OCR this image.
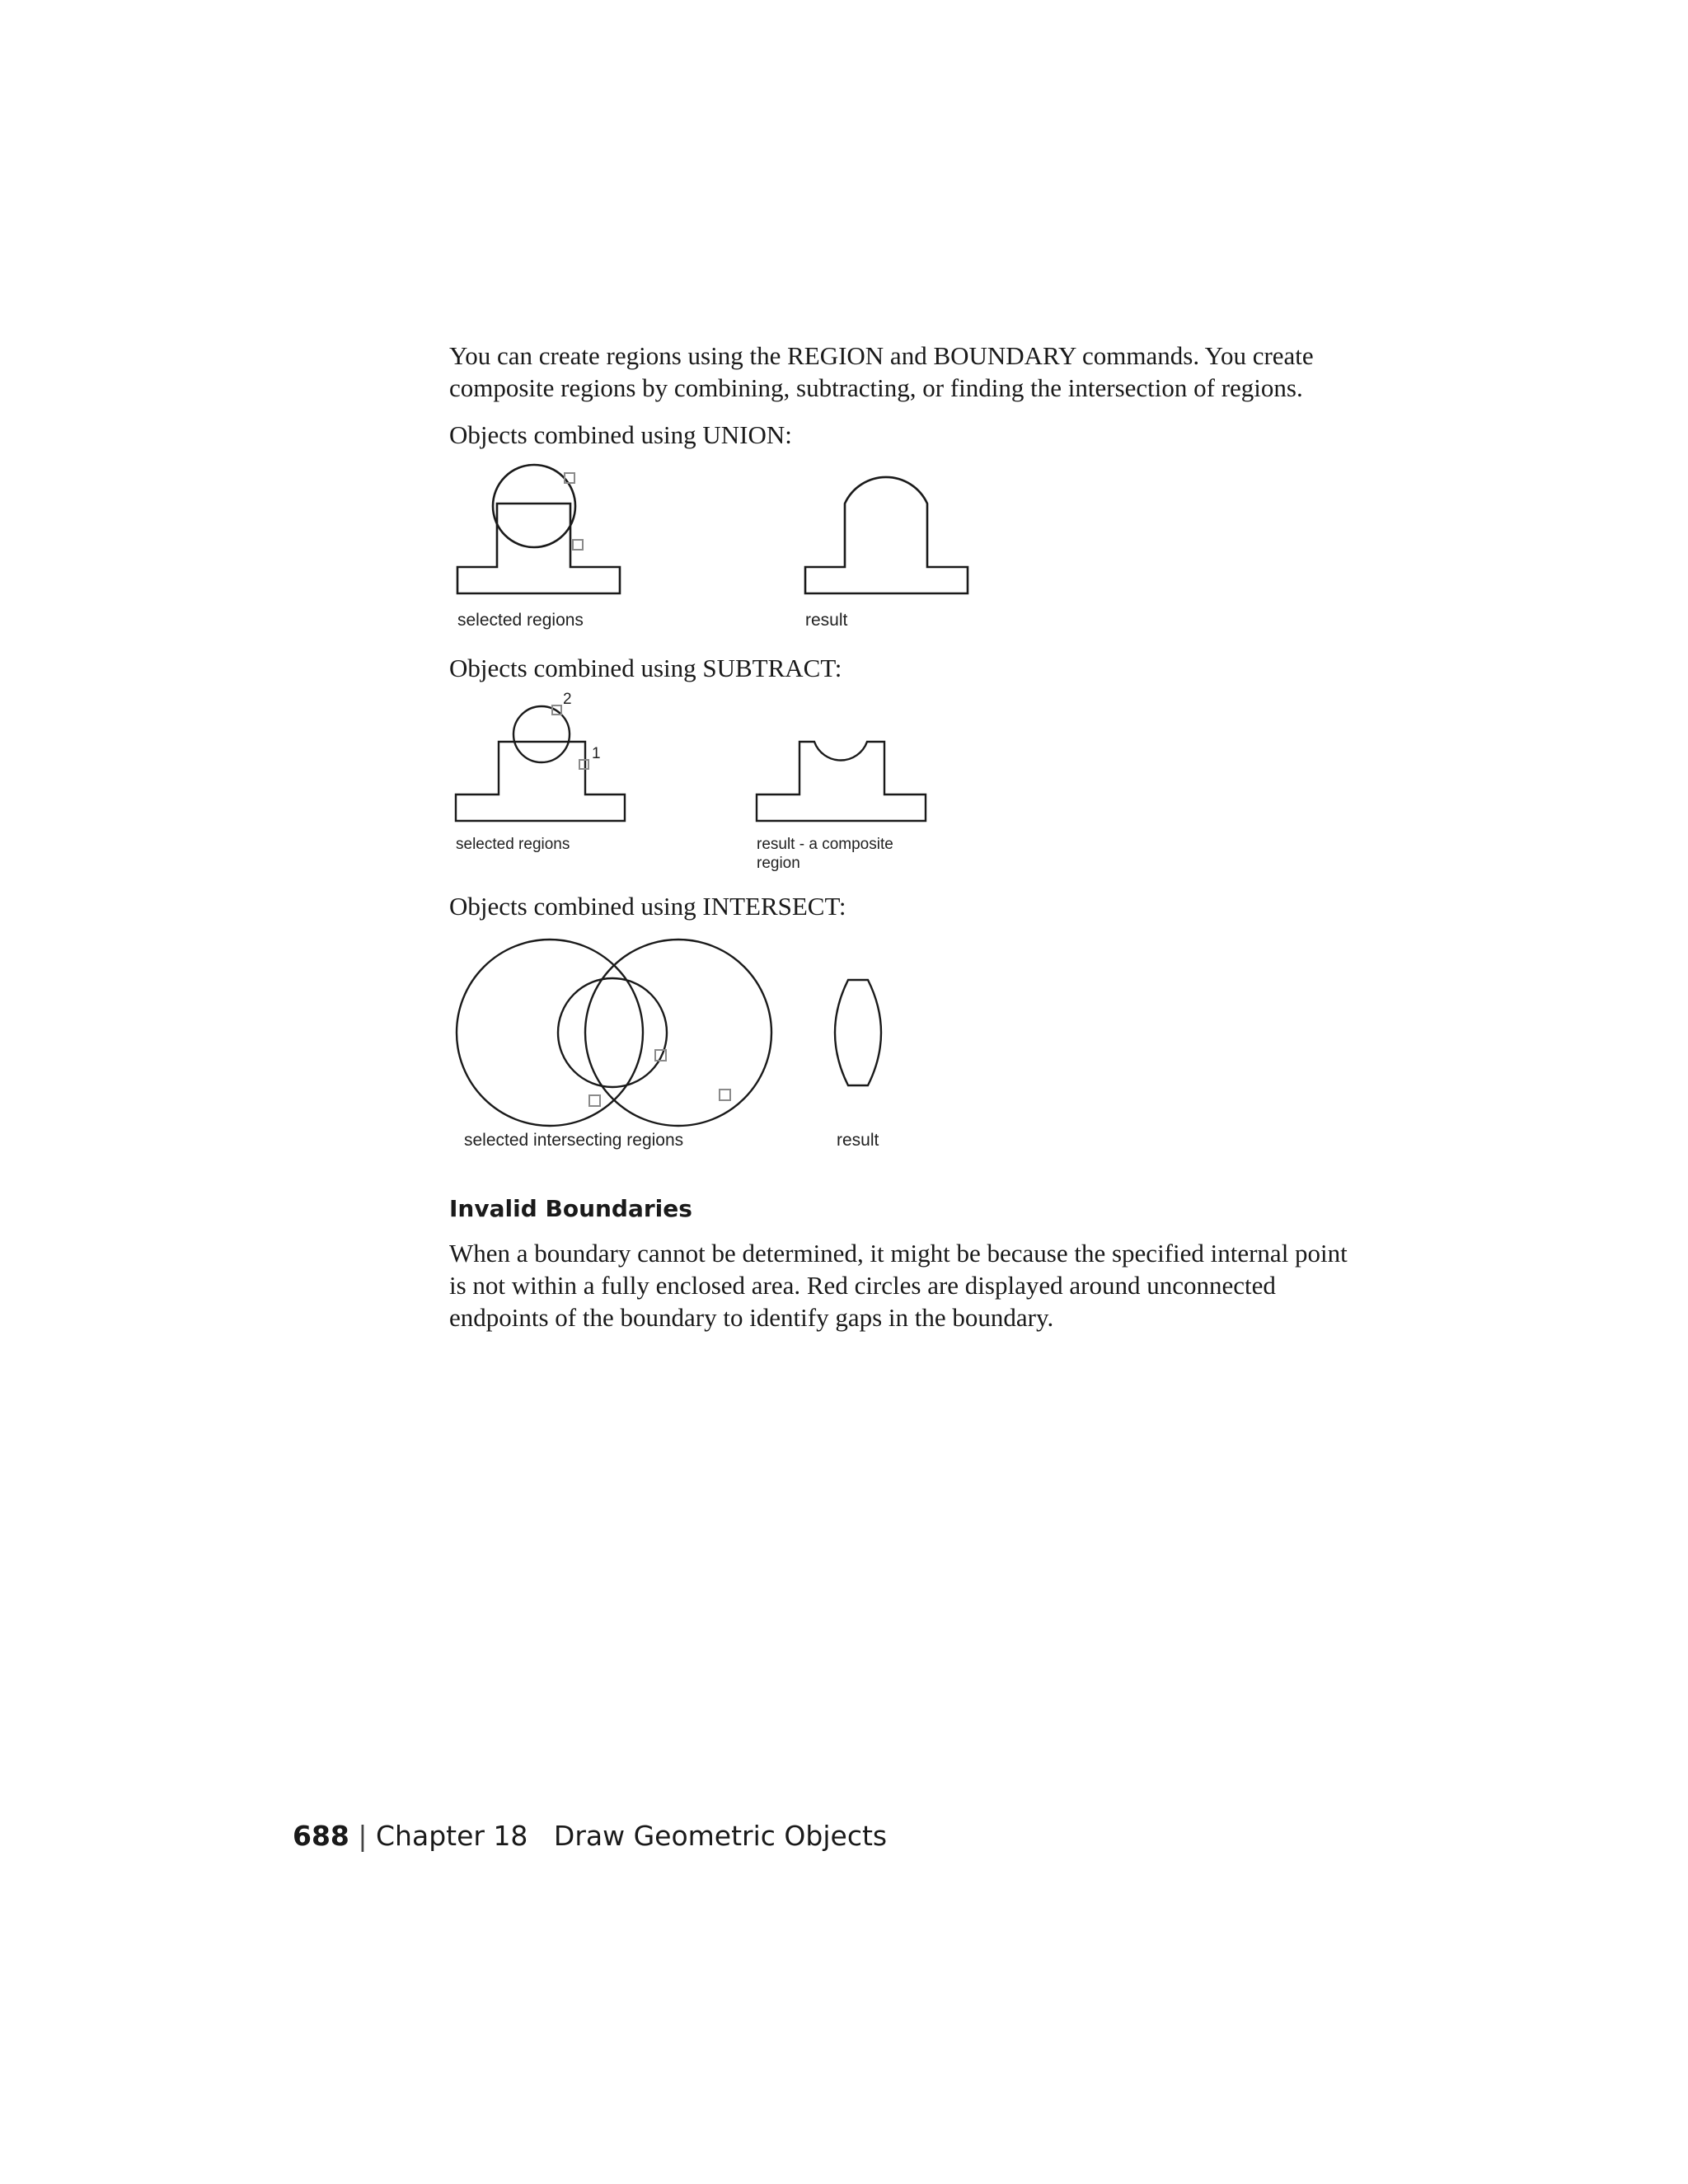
You can create regions using the REGION and BOUNDARY commands. You create composite regions by combining, subtracting, or finding the intersection of regions.

Objects combined using UNION:

selected regions	result

Objects combined using SUBTRACT:

2
1
selected regions	result - a composite
region

Objects combined using INTERSECT:

selected intersecting regions	result
Invalid Boundaries

When a boundary cannot be determined, it might be because the specified internal point is not within a fully enclosed area. Red circles are displayed around unconnected endpoints of the boundary to identify gaps in the boundary.

688 | Chapter 18 Draw Geometric Objects
